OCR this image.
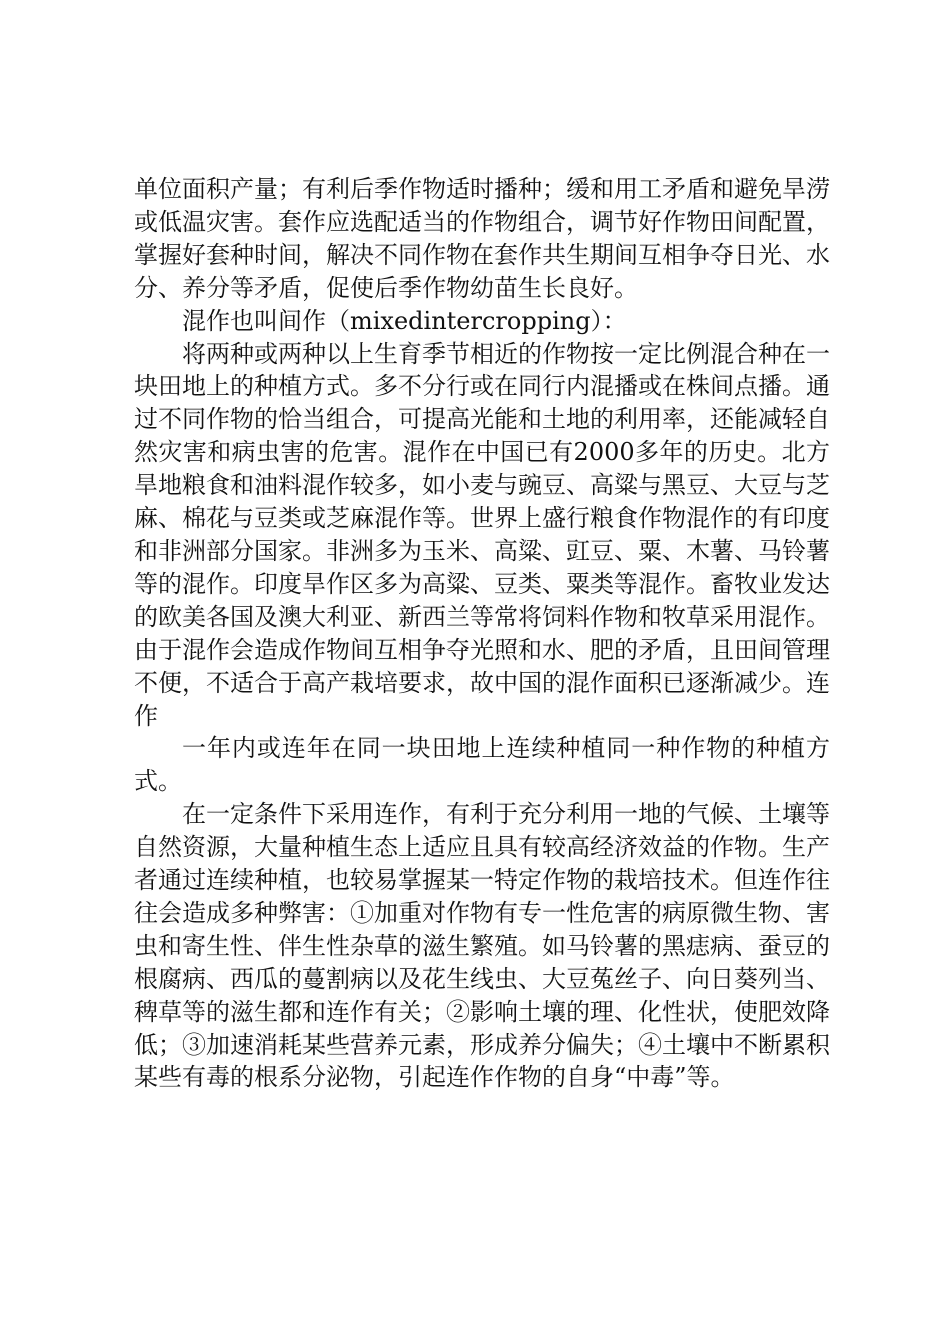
单位面积产量；有利后季作物适时播种；缓和用工矛盾和避免旱涝或低温灾害。套作应选配适当的作物组合，调节好作物田间配置，掌握好套种时间，解决不同作物在套作共生期间互相争夺日光、水分、养分等矛盾，促使后季作物幼苗生长良好。

混作也叫间作（mixedintercropping）：

将两种或两种以上生育季节相近的作物按一定比例混合种在一块田地上的种植方式。多不分行或在同行内混播或在株间点播。通过不同作物的恰当组合，可提高光能和土地的利用率，还能减轻自然灾害和病虫害的危害。混作在中国已有2000多年的历史。北方旱地粮食和油料混作较多，如小麦与豌豆、高粱与黑豆、大豆与芝麻、棉花与豆类或芝麻混作等。世界上盛行粮食作物混作的有印度和非洲部分国家。非洲多为玉米、高粱、豇豆、粟、木薯、马铃薯等的混作。印度旱作区多为高粱、豆类、粟类等混作。畜牧业发达的欧美各国及澳大利亚、新西兰等常将饲料作物和牧草采用混作。由于混作会造成作物间互相争夺光照和水、肥的矛盾，且田间管理不便，不适合于高产栽培要求，故中国的混作面积已逐渐减少。连作

一年内或连年在同一块田地上连续种植同一种作物的种植方式。

在一定条件下采用连作，有利于充分利用一地的气候、土壤等自然资源，大量种植生态上适应且具有较高经济效益的作物。生产者通过连续种植，也较易掌握某一特定作物的栽培技术。但连作往往会造成多种弊害：①加重对作物有专一性危害的病原微生物、害虫和寄生性、伴生性杂草的滋生繁殖。如马铃薯的黑痣病、蚕豆的根腐病、西瓜的蔓割病以及花生线虫、大豆菟丝子、向日葵列当、稗草等的滋生都和连作有关；②影响土壤的理、化性状，使肥效降低；③加速消耗某些营养元素，形成养分偏失；④土壤中不断累积某些有毒的根系分泌物，引起连作作物的自身“中毒”等。
